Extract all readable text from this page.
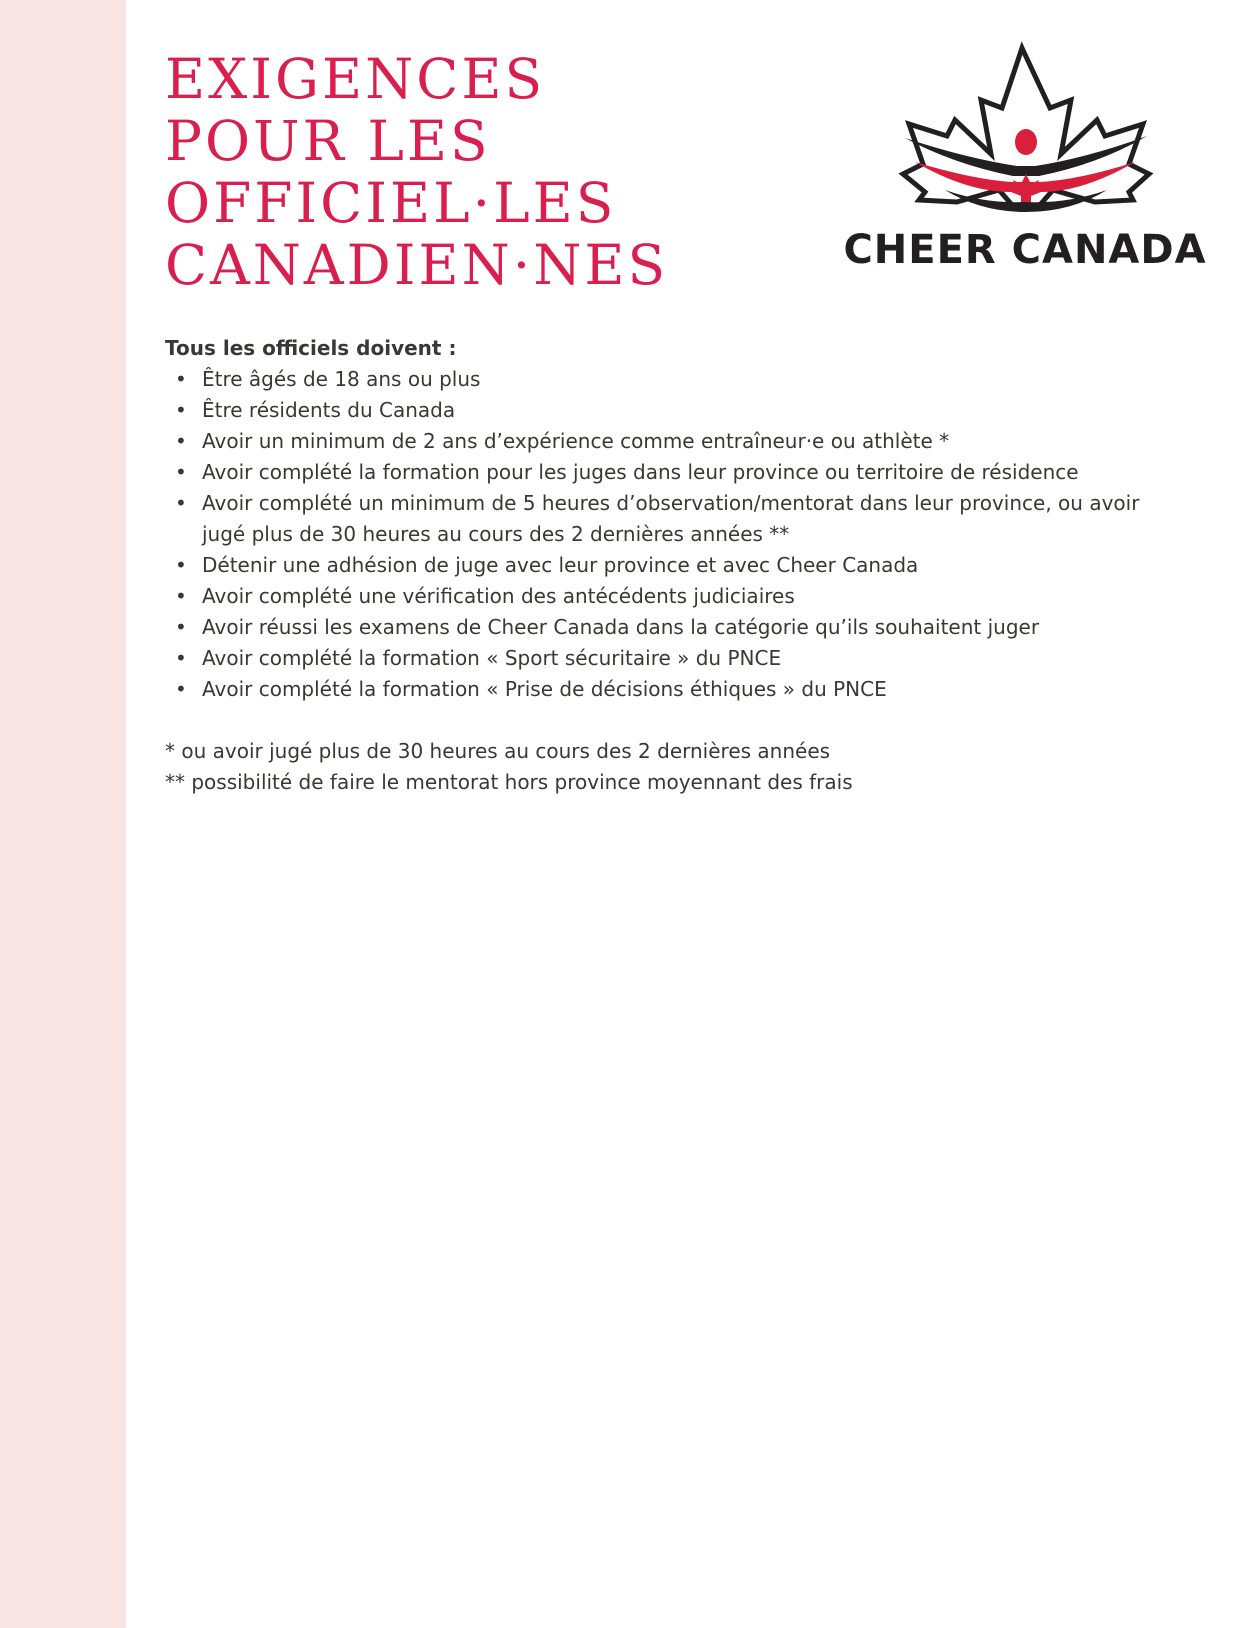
EXIGENCES
POUR LES
OFFICIEL·LES
CANADIEN·NES	CHEER CANADA

Tous les officiels doivent :

• Être âgés de 18 ans ou plus
• Être résidents du Canada
• Avoir un minimum de 2 ans d’expérience comme entraîneur·e ou athlète *
• Avoir complété la formation pour les juges dans leur province ou territoire de résidence
• Avoir complété un minimum de 5 heures d’observation/mentorat dans leur province, ou avoir jugé plus de 30 heures au cours des 2 dernières années **
• Détenir une adhésion de juge avec leur province et avec Cheer Canada
• Avoir complété une vérification des antécédents judiciaires
• Avoir réussi les examens de Cheer Canada dans la catégorie qu’ils souhaitent juger
• Avoir complété la formation « Sport sécuritaire » du PNCE
• Avoir complété la formation « Prise de décisions éthiques » du PNCE

* ou avoir jugé plus de 30 heures au cours des 2 dernières années

** possibilité de faire le mentorat hors province moyennant des frais
